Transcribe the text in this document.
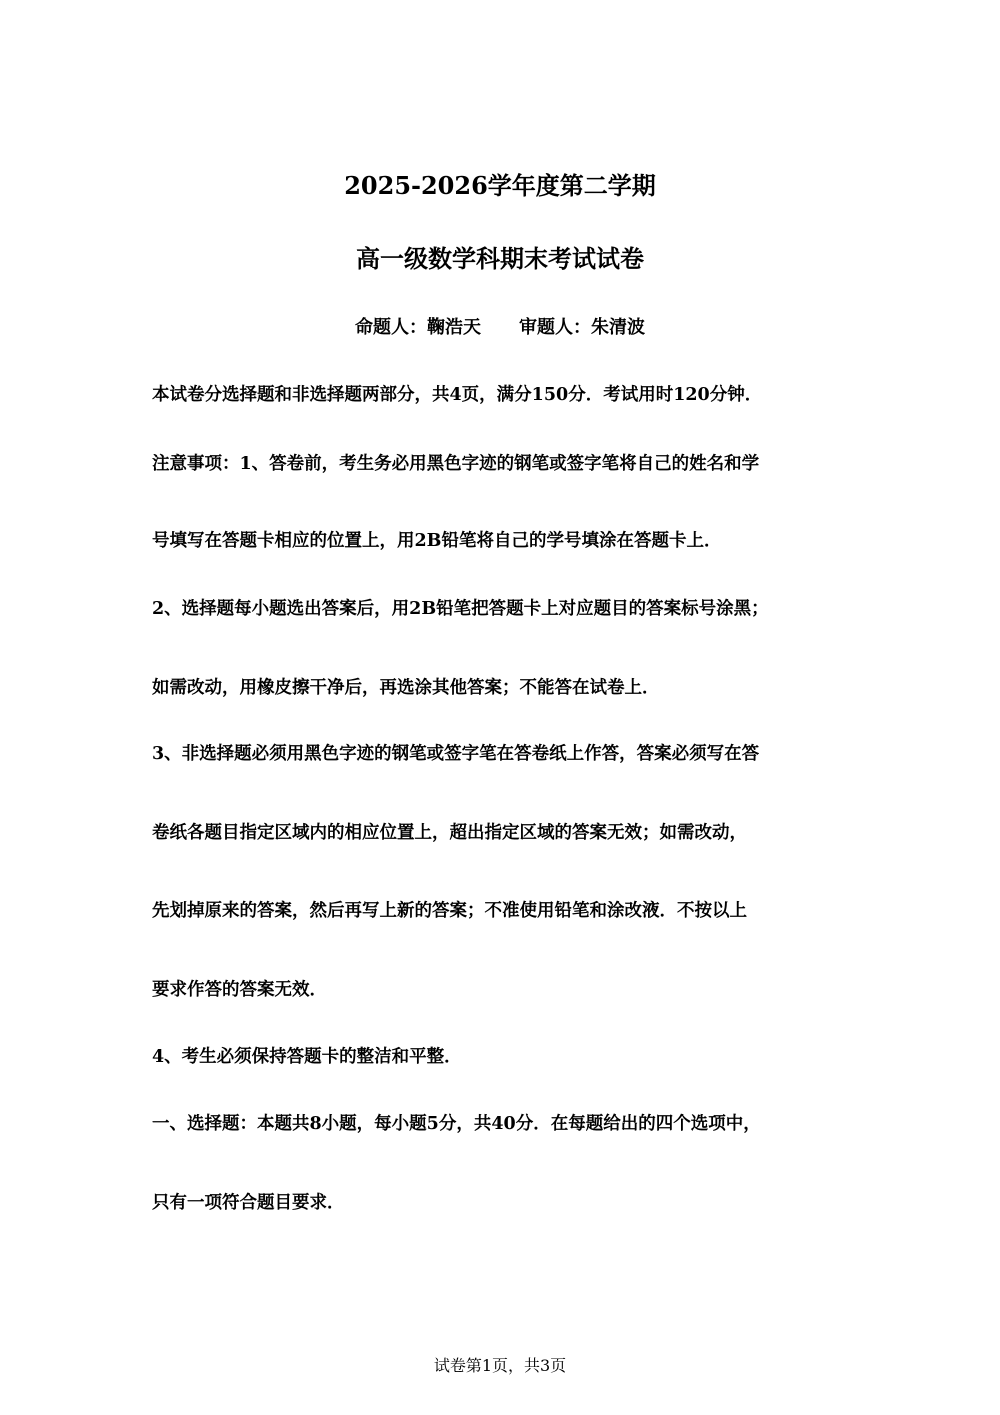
2025-2026学年度第二学期
高一级数学科期末考试试卷
命题人：鞠浩天 审题人：朱清波
本试卷分选择题和非选择题两部分，共4页，满分150分．考试用时120分钟．
注意事项：1、答卷前，考生务必用黑色字迹的钢笔或签字笔将自己的姓名和学
号填写在答题卡相应的位置上，用2B铅笔将自己的学号填涂在答题卡上．
2、选择题每小题选出答案后，用2B铅笔把答题卡上对应题目的答案标号涂黑；
如需改动，用橡皮擦干净后，再选涂其他答案；不能答在试卷上．
3、非选择题必须用黑色字迹的钢笔或签字笔在答卷纸上作答，答案必须写在答
卷纸各题目指定区域内的相应位置上，超出指定区域的答案无效；如需改动，
先划掉原来的答案，然后再写上新的答案；不准使用铅笔和涂改液．不按以上
要求作答的答案无效．
4、考生必须保持答题卡的整洁和平整．
一、选择题：本题共8小题，每小题5分，共40分．在每题给出的四个选项中，
只有一项符合题目要求．
试卷第1页，共3页
